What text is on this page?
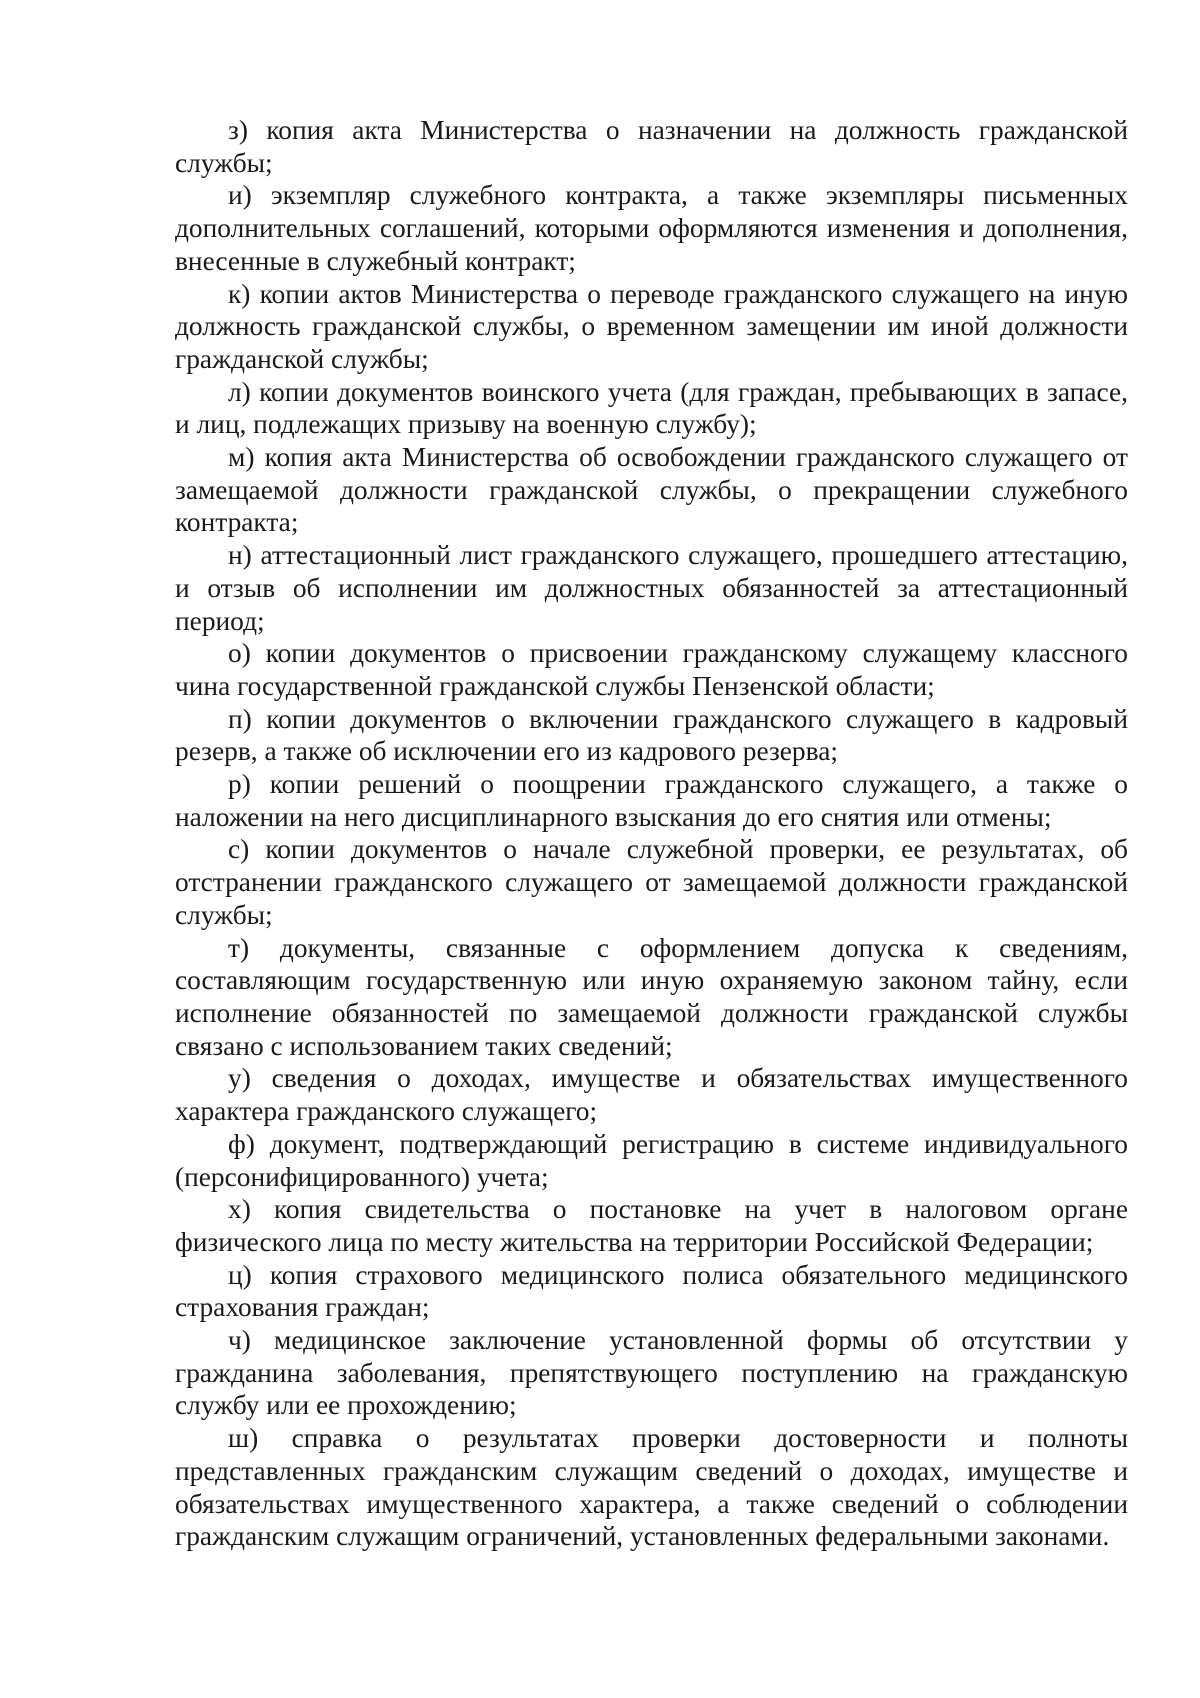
з) копия акта Министерства о назначении на должность гражданской службы;

и) экземпляр служебного контракта, а также экземпляры письменных дополнительных соглашений, которыми оформляются изменения и дополнения, внесенные в служебный контракт;

к) копии актов Министерства о переводе гражданского служащего на иную должность гражданской службы, о временном замещении им иной должности гражданской службы;

л) копии документов воинского учета (для граждан, пребывающих в запасе, и лиц, подлежащих призыву на военную службу);

м) копия акта Министерства об освобождении гражданского служащего от замещаемой должности гражданской службы, о прекращении служебного контракта;

н) аттестационный лист гражданского служащего, прошедшего аттестацию, и отзыв об исполнении им должностных обязанностей за аттестационный период;

о) копии документов о присвоении гражданскому служащему классного чина государственной гражданской службы Пензенской области;

п) копии документов о включении гражданского служащего в кадровый резерв, а также об исключении его из кадрового резерва;

р) копии решений о поощрении гражданского служащего, а также о наложении на него дисциплинарного взыскания до его снятия или отмены;

с) копии документов о начале служебной проверки, ее результатах, об отстранении гражданского служащего от замещаемой должности гражданской службы;

т) документы, связанные с оформлением допуска к сведениям, составляющим государственную или иную охраняемую законом тайну, если исполнение обязанностей по замещаемой должности гражданской службы связано с использованием таких сведений;

у) сведения о доходах, имуществе и обязательствах имущественного характера гражданского служащего;

ф) документ, подтверждающий регистрацию в системе индивидуального (персонифицированного) учета;

х) копия свидетельства о постановке на учет в налоговом органе физического лица по месту жительства на территории Российской Федерации;

ц) копия страхового медицинского полиса обязательного медицинского страхования граждан;

ч) медицинское заключение установленной формы об отсутствии у гражданина заболевания, препятствующего поступлению на гражданскую службу или ее прохождению;

ш) справка о результатах проверки достоверности и полноты представленных гражданским служащим сведений о доходах, имуществе и обязательствах имущественного характера, а также сведений о соблюдении гражданским служащим ограничений, установленных федеральными законами.
